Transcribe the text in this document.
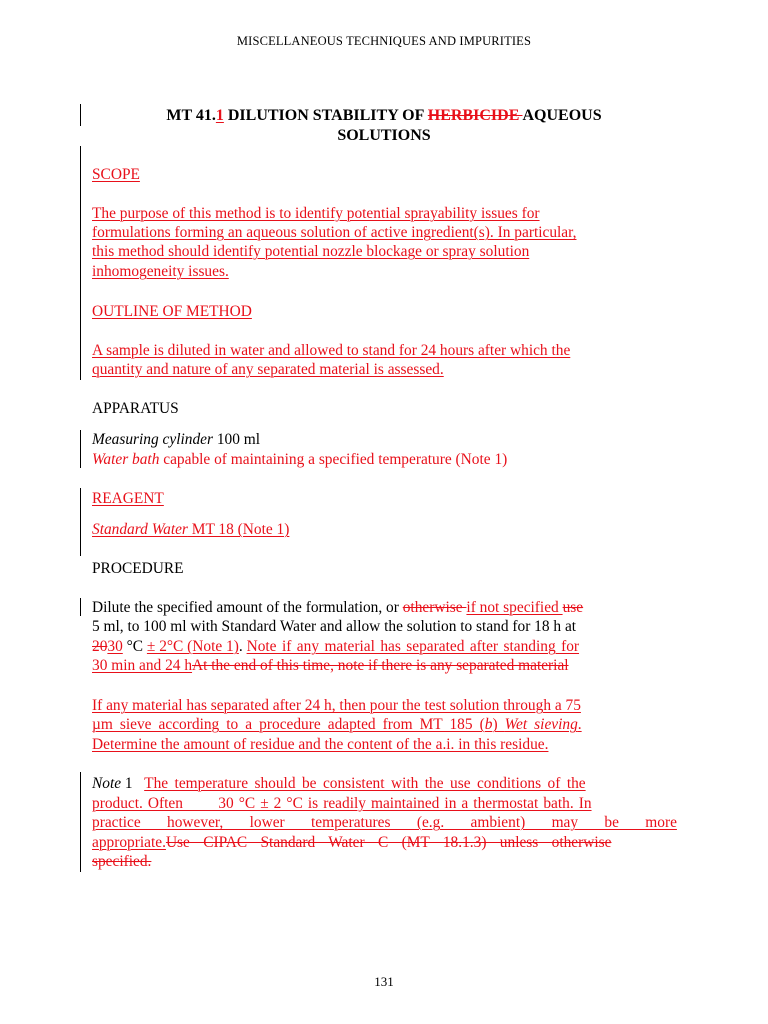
MISCELLANEOUS TECHNIQUES AND IMPURITIES
MT 41.1 DILUTION STABILITY OF HERBICIDE AQUEOUS
SOLUTIONS
SCOPE
The purpose of this method is to identify potential sprayability issues for
formulations forming an aqueous solution of active ingredient(s). In particular,
this method should identify potential nozzle blockage or spray solution
inhomogeneity issues.
OUTLINE OF METHOD
A sample is diluted in water and allowed to stand for 24 hours after which the
quantity and nature of any separated material is assessed.
APPARATUS
Measuring cylinder 100 ml
Water bath capable of maintaining a specified temperature (Note 1)
REAGENT
Standard Water MT 18 (Note 1)
PROCEDURE
Dilute the specified amount of the formulation, or otherwise if not specified use
5 ml, to 100 ml with Standard Water and allow the solution to stand for 18 h at
2030 °C ± 2°C (Note 1). Note if any material has separated after standing for
30 min and 24 hAt the end of this time, note if there is any separated material
If any material has separated after 24 h, then pour the test solution through a 75
µm sieve according to a procedure adapted from MT 185 (b) Wet sieving.
Determine the amount of residue and the content of the a.i. in this residue.
Note 1 The temperature should be consistent with the use conditions of the
product. Often       30 °C ± 2 °C is readily maintained in a thermostat bath. In
practice however, lower temperatures (e.g. ambient) may be more
appropriate.Use CIPAC Standard Water C (MT 18.1.3) unless otherwise
specified.
131
